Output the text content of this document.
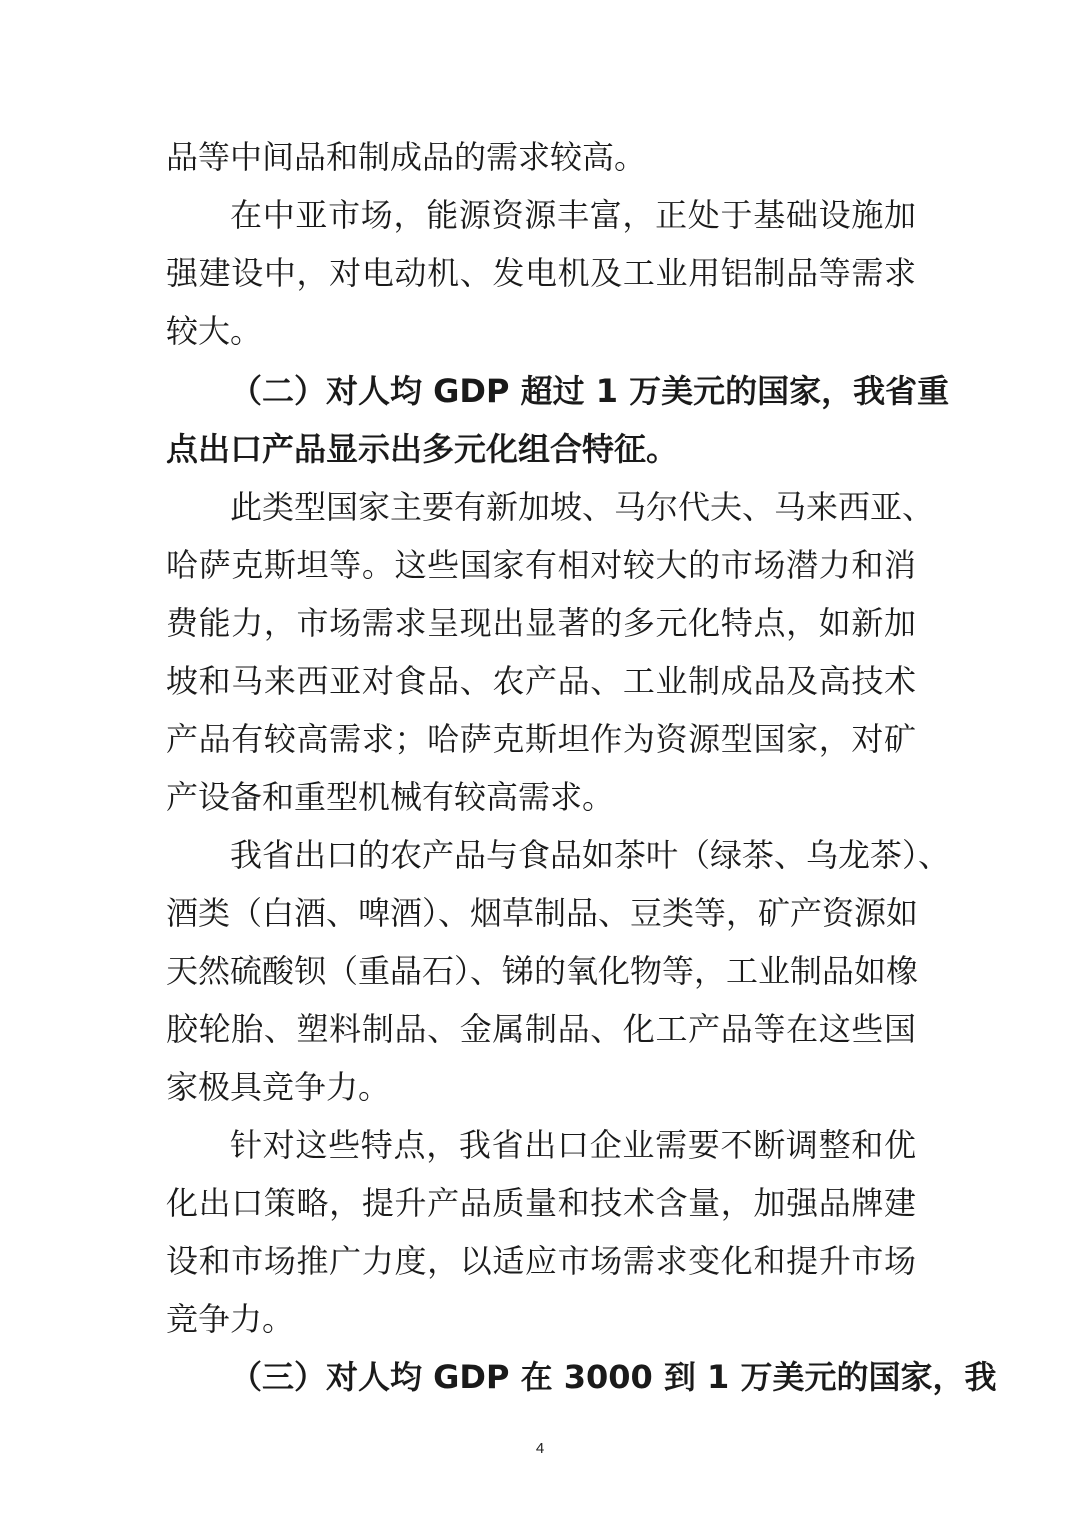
品等中间品和制成品的需求较高。
在中亚市场，能源资源丰富，正处于基础设施加
强建设中，对电动机、发电机及工业用铝制品等需求
较大。
（二）对人均 GDP 超过 1 万美元的国家，我省重
点出口产品显示出多元化组合特征。
此类型国家主要有新加坡、马尔代夫、马来西亚、
哈萨克斯坦等。这些国家有相对较大的市场潜力和消
费能力，市场需求呈现出显著的多元化特点，如新加
坡和马来西亚对食品、农产品、工业制成品及高技术
产品有较高需求；哈萨克斯坦作为资源型国家，对矿
产设备和重型机械有较高需求。
我省出口的农产品与食品如茶叶（绿茶、乌龙茶）、
酒类（白酒、啤酒）、烟草制品、豆类等，矿产资源如
天然硫酸钡（重晶石）、锑的氧化物等，工业制品如橡
胶轮胎、塑料制品、金属制品、化工产品等在这些国
家极具竞争力。
针对这些特点，我省出口企业需要不断调整和优
化出口策略，提升产品质量和技术含量，加强品牌建
设和市场推广力度，以适应市场需求变化和提升市场
竞争力。
（三）对人均 GDP 在 3000 到 1 万美元的国家，我
4
